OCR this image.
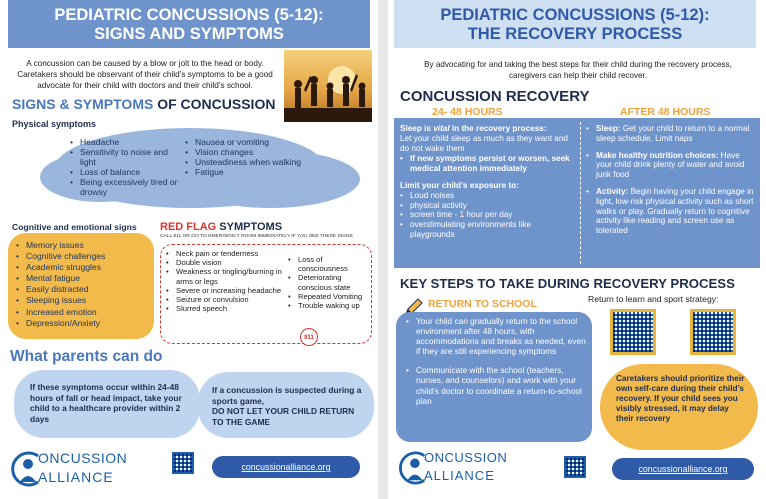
PEDIATRIC CONCUSSIONS (5-12):
SIGNS AND SYMPTOMS
A concussion can be caused by a blow or jolt to the head or body. Caretakers should be observant of their child’s symptoms to be a good advocate for their child with doctors and their child’s school.
SIGNS & SYMPTOMS OF CONCUSSION
Physical symptoms
• Headache
• Sensitivity to noise and light
• Loss of balance
• Being excessively tired or drowsy
• Nausea or vomiting
• Vision changes
• Unsteadiness when walking
• Fatigue
Cognitive and emotional signs
• Memory issues
• Cognitive challenges
• Academic struggles
• Mental fatigue
• Easily distracted
• Sleeping issues
• Increased emotion
• Depression/Anxiety
RED FLAG SYMPTOMS
CALL 911 OR GO TO EMERGENCY ROOM IMMEDIATELY IF YOU SEE THESE SIGNS
• Neck pain or tenderness
• Double vision
• Weakness or tingling/burning in arms or legs
• Severe or increasing headache
• Seizure or convulsion
• Slurred speech
• Loss of consciousness
• Deteriorating conscious state
• Repeated Vomiting
• Trouble waking up
911
What parents can do
If these symptoms occur within 24-48 hours of fall or head impact, take your child to a healthcare provider within 2 days
If a concussion is suspected during a sports game,
DO NOT LET YOUR CHILD RETURN TO THE GAME
ONCUSSION
ALLIANCE
concussionalliance.org
PEDIATRIC CONCUSSIONS (5-12):
THE RECOVERY PROCESS
By advocating for and taking the best steps for their child during the recovery process, caregivers can help their child recover.
CONCUSSION RECOVERY
24- 48 HOURS	AFTER 48 HOURS
Sleep is vital in the recovery process:
Let your child sleep as much as they want and do not wake them
• If new symptoms persist or worsen, seek medical attention immediately
Limit your child’s exposure to:
• Loud noises
• physical activity
• screen time - 1 hour per day
• overstimulating environments like playgrounds
• Sleep: Get your child to return to a normal sleep schedule. Limit naps
• Make healthy nutrition choices: Have your child drink plenty of water and avoid junk food
• Activity: Begin having your child engage in light, low-risk physical activity such as short walks or play. Gradually return to cognitive activity like reading and screen use as tolerated
KEY STEPS TO TAKE DURING RECOVERY PROCESS
RETURN TO SCHOOL	Return to learn and sport strategy:
• Your child can gradually return to the school environment after 48 hours, with accommodations and breaks as needed, even if they are still experiencing symptoms
• Communicate with the school (teachers, nurses, and counselors) and work with your child’s doctor to coordinate a return-to-school plan
Caretakers should prioritize their own self-care during their child’s recovery. If your child sees you visibly stressed, it may delay their recovery
ONCUSSION
ALLIANCE	concussionalliance.org
